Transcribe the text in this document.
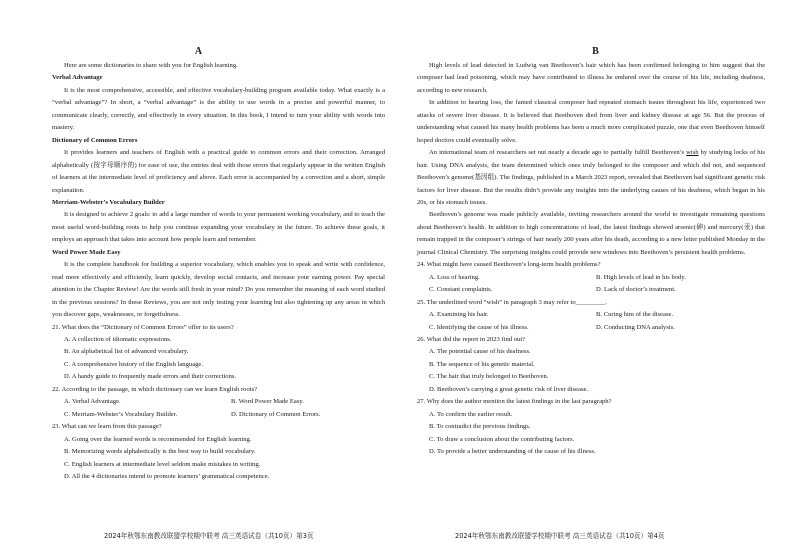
A

Here are some dictionaries to share with you for English learning.

Verbal Advantage

It is the most comprehensive, accessible, and effective vocabulary-building program available today. What exactly is a “verbal advantage”? In short, a “verbal advantage” is the ability to use words in a precise and powerful manner, to communicate clearly, correctly, and effectively in every situation. In this book, I intend to turn your ability with words into mastery.

Dictionary of Common Errors

It provides learners and teachers of English with a practical guide to common errors and their correction. Arranged alphabetically (按字母顺序的) for ease of use, the entries deal with those errors that regularly appear in the written English of learners at the intermediate level of proficiency and above. Each error is accompanied by a correction and a short, simple explanation.

Merriam-Webster’s Vocabulary Builder

It is designed to achieve 2 goals: to add a large number of words to your permanent working vocabulary, and to teach the most useful word-building roots to help you continue expanding your vocabulary in the future. To achieve these goals, it employs an approach that takes into account how people learn and remember.

Word Power Made Easy

It is the complete handbook for building a superior vocabulary, which enables you to speak and write with confidence, read more effectively and efficiently, learn quickly, develop social contacts, and increase your earning power. Pay special attention to the Chapter Review! Are the words still fresh in your mind? Do you remember the meaning of each word studied in the previous sessions? In these Reviews, you are not only testing your learning but also tightening up any areas in which you discover gaps, weaknesses, or forgetfulness.

21. What does the “Dictionary of Common Errors” offer to its users?

A. A collection of idiomatic expressions.

B. An alphabetical list of advanced vocabulary.

C. A comprehensive history of the English language.

D. A handy guide to frequently made errors and their corrections.

22. According to the passage, in which dictionary can we learn English roots?

A. Verbal Advantage.	B. Word Power Made Easy.
C. Merriam-Webster’s Vocabulary Builder.	D. Dictionary of Common Errors.

23. What can we learn from this passage?

A. Going over the learned words is recommended for English learning.

B. Memorizing words alphabetically is the best way to build vocabulary.

C. English learners at intermediate level seldom make mistakes in writing.

D. All the 4 dictionaries intend to promote learners’ grammatical competence.

2024年秋鄂东南教改联盟学校期中联考 高三英语试卷（共10页）第3页
B

High levels of lead detected in Ludwig van Beethoven’s hair which has been confirmed belonging to him suggest that the composer had lead poisoning, which may have contributed to illness he endured over the course of his life, including deafness, according to new research.

In addition to hearing loss, the famed classical composer had repeated stomach issues throughout his life, experienced two attacks of severe liver disease. It is believed that Beethoven died from liver and kidney disease at age 56. But the process of understanding what caused his many health problems has been a much more complicated puzzle, one that even Beethoven himself hoped doctors could eventually solve.

An international team of researchers set out nearly a decade ago to partially fulfill Beethoven’s wish by studying locks of his hair. Using DNA analysis, the team determined which ones truly belonged to the composer and which did not, and sequenced Beethoven’s genome(基因组). The findings, published in a March 2023 report, revealed that Beethoven had significant genetic risk factors for liver disease. But the results didn’t provide any insights into the underlying causes of his deafness, which began in his 20s, or his stomach issues.

Beethoven’s genome was made publicly available, inviting researchers around the world to investigate remaining questions about Beethoven’s health. In addition to high concentrations of lead, the latest findings showed arsenic(砷) and mercury(汞) that remain trapped in the composer’s strings of hair nearly 200 years after his death, according to a new letter published Monday in the journal Clinical Chemistry. The surprising insights could provide new windows into Beethoven’s persistent health problems.

24. What might have caused Beethoven’s long-term health problems?

A. Loss of hearing.	B. High levels of lead in his body.
C. Constant complaints.	D. Lack of doctor’s treatment.

25. The underlined word “wish” in paragraph 3 may refer to_________.

A. Examining his hair.	B. Curing him of the disease.
C. Identifying the cause of his illness.	D. Conducting DNA analysis.

26. What did the report in 2023 find out?

A. The potential cause of his deafness.

B. The sequence of his genetic material.

C. The hair that truly belonged to Beethoven.

D. Beethoven’s carrying a great genetic risk of liver disease.

27. Why does the author mention the latest findings in the last paragraph?

A. To confirm the earlier result.

B. To contradict the previous findings.

C. To draw a conclusion about the contributing factors.

D. To provide a better understanding of the cause of his illness.

2024年秋鄂东南教改联盟学校期中联考 高三英语试卷（共10页）第4页
